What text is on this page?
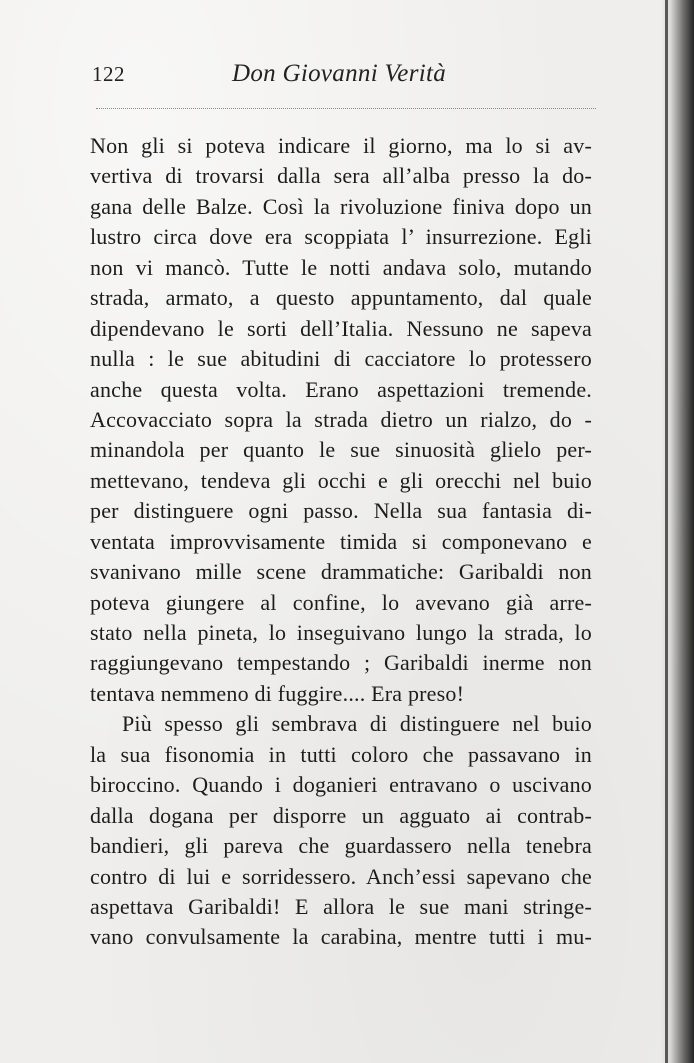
122	Don Giovanni Verità
Non gli si poteva indicare il giorno, ma lo si av-
vertiva di trovarsi dalla sera all’alba presso la do-
gana delle Balze. Così la rivoluzione finiva dopo un
lustro circa dove era scoppiata l’ insurrezione. Egli
non vi mancò. Tutte le notti andava solo, mutando
strada, armato, a questo appuntamento, dal quale
dipendevano le sorti dell’Italia. Nessuno ne sapeva
nulla : le sue abitudini di cacciatore lo protessero
anche questa volta. Erano aspettazioni tremende.
Accovacciato sopra la strada dietro un rialzo, do -
minandola per quanto le sue sinuosità glielo per-
mettevano, tendeva gli occhi e gli orecchi nel buio
per distinguere ogni passo. Nella sua fantasia di-
ventata improvvisamente timida si componevano e
svanivano mille scene drammatiche: Garibaldi non
poteva giungere al confine, lo avevano già arre-
stato nella pineta, lo inseguivano lungo la strada, lo
raggiungevano tempestando ; Garibaldi inerme non
tentava nemmeno di fuggire.... Era preso!
Più spesso gli sembrava di distinguere nel buio
la sua fisonomia in tutti coloro che passavano in
biroccino. Quando i doganieri entravano o uscivano
dalla dogana per disporre un agguato ai contrab-
bandieri, gli pareva che guardassero nella tenebra
contro di lui e sorridessero. Anch’essi sapevano che
aspettava Garibaldi! E allora le sue mani stringe-
vano convulsamente la carabina, mentre tutti i mu-
